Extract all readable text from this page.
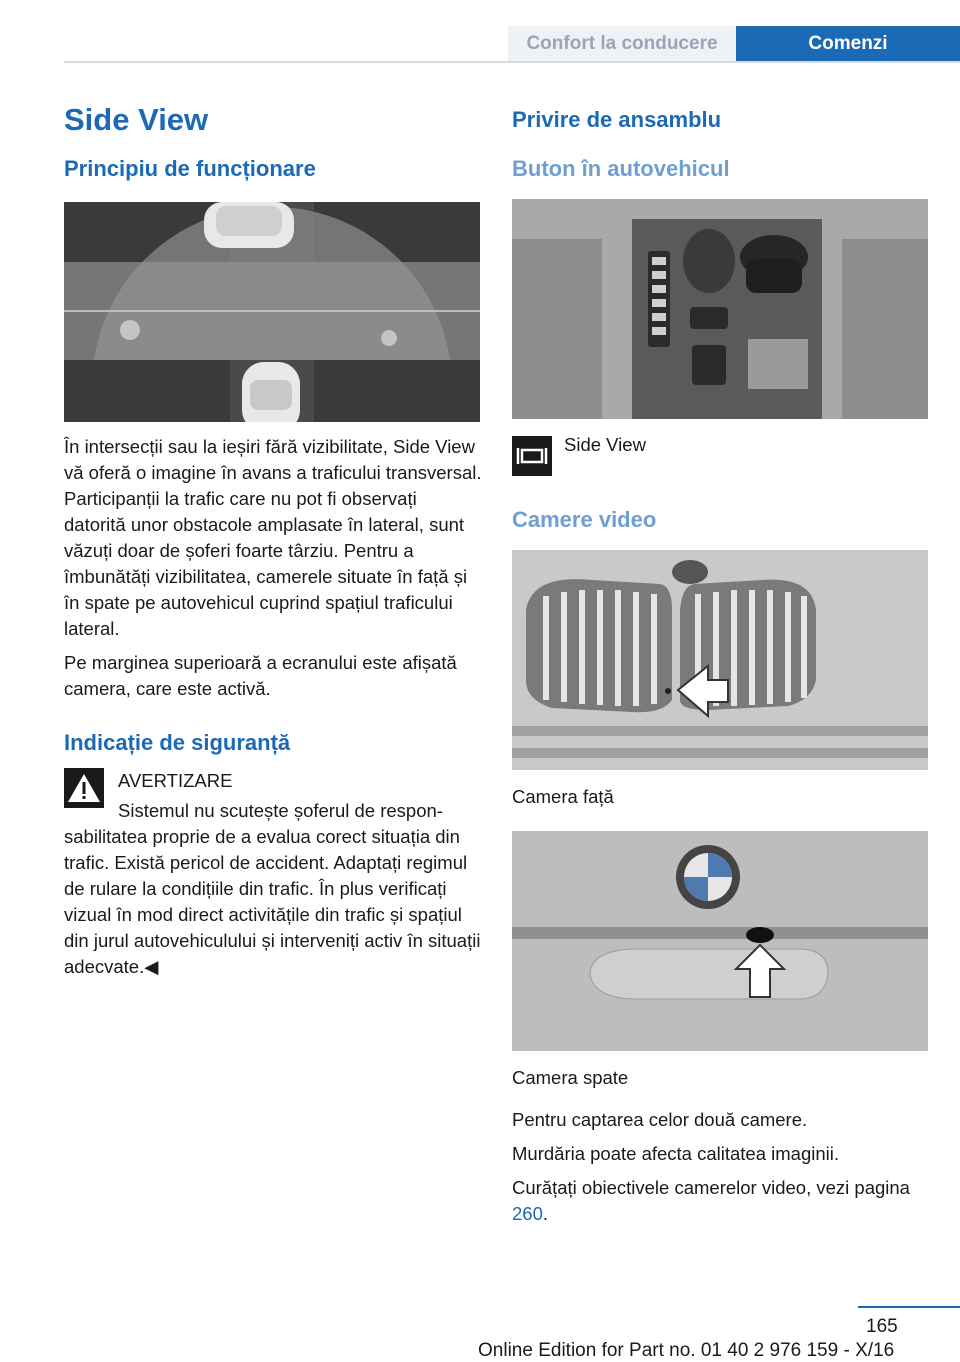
Confort la conducere	Comenzi
Side View
Principiu de funcționare

În intersecții sau la ieșiri fără vizibilitate, Side View vă oferă o imagine în avans a traficului transversal. Participanții la trafic care nu pot fi observați datorită unor obstacole amplasate în lateral, sunt văzuți doar de șoferi foarte târziu. Pentru a îmbunătăți vizibilitatea, camerele situate în față și în spate pe autovehicul cuprind spațiul traficului lateral.

Pe marginea superioară a ecranului este afișată camera, care este activă.

Indicație de siguranță
AVERTIZARE

Sistemul nu scutește șoferul de responsabilitatea proprie de a evalua corect situația din trafic. Există pericol de accident. Adaptați regimul de rulare la condițiile din trafic. În plus verificați vizual în mod direct activitățile din trafic și spațiul din jurul autovehiculului și interveniți activ în situații adecvate.◀

Privire de ansamblu
Buton în autovehicul
Side View
Camere video
Camera față
Camera spate

Pentru captarea celor două camere.

Murdăria poate afecta calitatea imaginii.

Curățați obiectivele camerelor video, vezi pagina 260.

165
Online Edition for Part no. 01 40 2 976 159 - X/16
